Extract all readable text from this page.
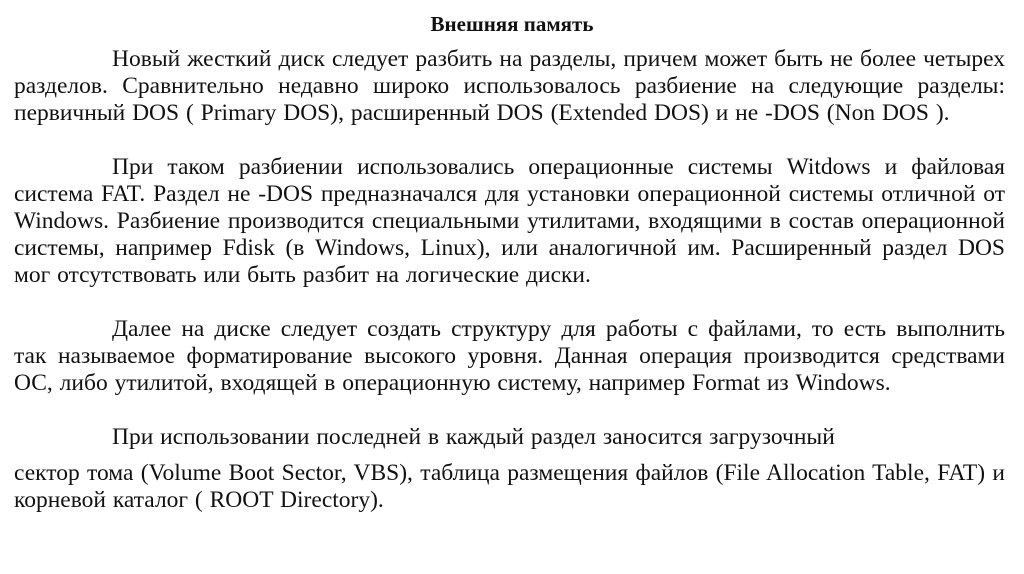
Внешняя память

Новый жесткий диск следует разбить на разделы, причем может быть не более четырех разделов. Сравнительно недавно широко использовалось разбиение на следующие разделы: первичный DOS ( Primary DOS), расширенный DOS (Extended DOS) и не -DOS (Non DOS ).

При таком разбиении использовались операционные системы Witdows и файловая система FAT. Раздел не -DOS предназначался для установки операционной системы отличной от Windows. Разбиение производится специальными утилитами, входящими в состав операционной системы, например Fdisk (в Windows, Linux), или аналогичной им. Расширенный раздел DOS мог отсутствовать или быть разбит на логические диски.

Далее на диске следует создать структуру для работы с файлами, то есть выполнить так называемое форматирование высокого уровня. Данная операция производится средствами ОС, либо утилитой, входящей в операционную систему, например Format из Windows.

При использовании последней в каждый раздел заносится загрузочный

сектор тома (Volume Boot Sector, VBS), таблица размещения файлов (File Allocation Table, FAT) и корневой каталог ( ROOT Directory).
